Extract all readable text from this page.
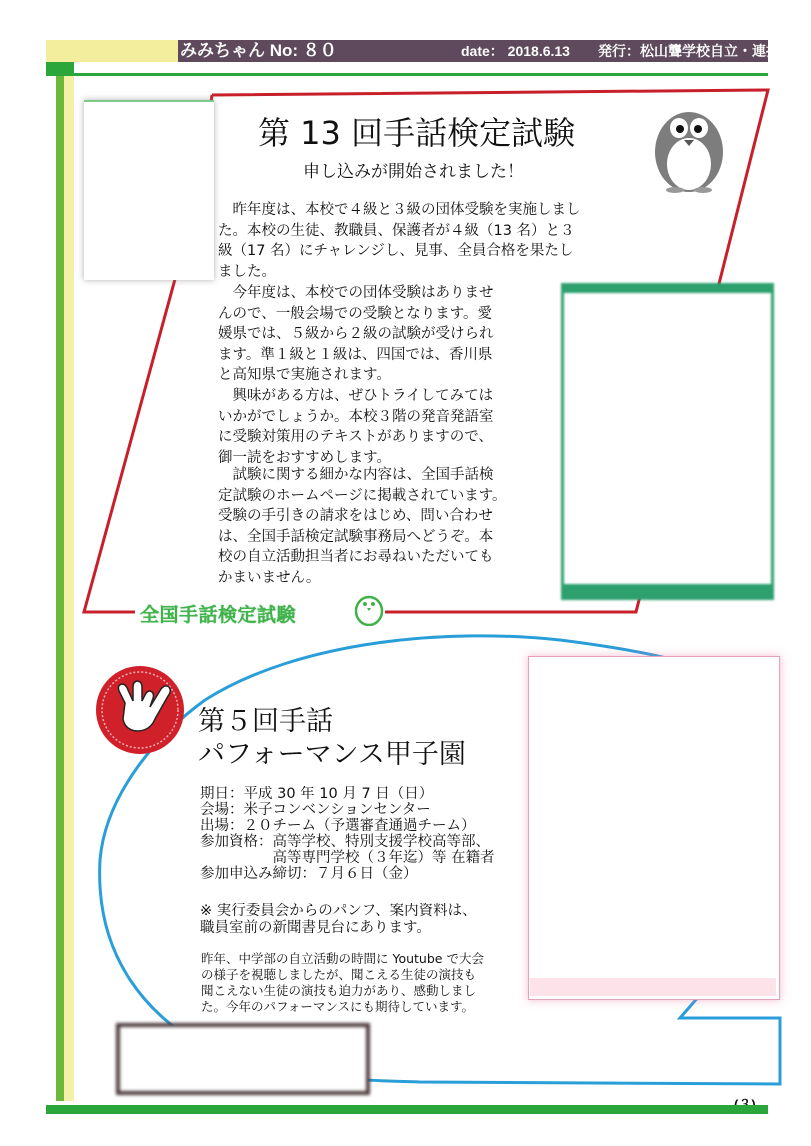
みみちゃん No: ８０	date： 2018.6.13 発行：松山聾学校自立・連携課
第 13 回手話検定試験
申し込みが開始されました！
　昨年度は、本校で４級と３級の団体受験を実施しまし
た。本校の生徒、教職員、保護者が４級（13 名）と３
級（17 名）にチャレンジし、見事、全員合格を果たし
ました。
　今年度は、本校での団体受験はありませ
んので、一般会場での受験となります。愛
媛県では、５級から２級の試験が受けられ
ます。準１級と１級は、四国では、香川県
と高知県で実施されます。
　興味がある方は、ぜひトライしてみては
いかがでしょうか。本校３階の発音発語室
に受験対策用のテキストがありますので、
御一読をおすすめします。
　試験に関する細かな内容は、全国手話検
定試験のホームページに掲載されています。
受験の手引きの請求をはじめ、問い合わせ
は、全国手話検定試験事務局へどうぞ。本
校の自立活動担当者にお尋ねいただいても
かまいません。
全国手話検定試験
第５回手話
パフォーマンス甲子園
期日：平成 30 年 10 月 7 日（日）
会場：米子コンベンションセンター
出場：２０チーム（予選審査通過チーム）
参加資格：高等学校、特別支援学校高等部、
　　　　　高等専門学校（３年迄）等 在籍者
参加申込み締切：７月６日（金）
※ 実行委員会からのパンフ、案内資料は、
職員室前の新聞書見台にあります。
昨年、中学部の自立活動の時間に Youtube で大会
の様子を視聴しましたが、聞こえる生徒の演技も
聞こえない生徒の演技も迫力があり、感動しまし
た。今年のパフォーマンスにも期待しています。
